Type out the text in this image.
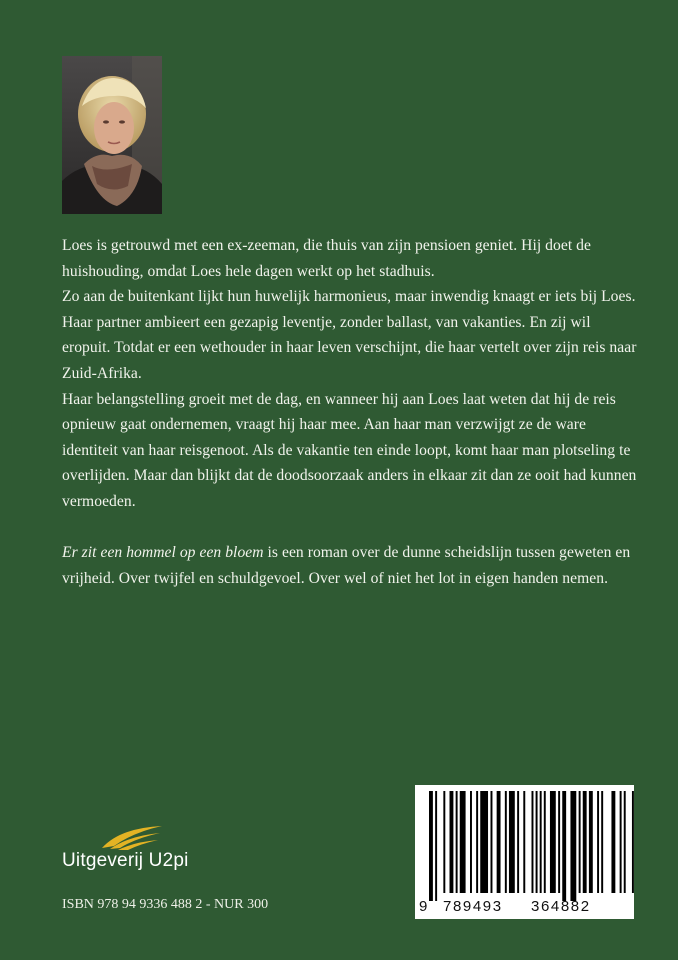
Loes is getrouwd met een ex-zeeman, die thuis van zijn pensioen geniet. Hij doet de huishouding, omdat Loes hele dagen werkt op het stadhuis.

Zo aan de buitenkant lijkt hun huwelijk harmonieus, maar inwendig knaagt er iets bij Loes. Haar partner ambieert een gezapig leventje, zonder ballast, van vakanties. En zij wil eropuit. Totdat er een wethouder in haar leven verschijnt, die haar vertelt over zijn reis naar Zuid-Afrika.

Haar belangstelling groeit met de dag, en wanneer hij aan Loes laat weten dat hij de reis opnieuw gaat ondernemen, vraagt hij haar mee. Aan haar man verzwijgt ze de ware identiteit van haar reisgenoot. Als de vakantie ten einde loopt, komt haar man plotseling te overlijden. Maar dan blijkt dat de doodsoorzaak anders in elkaar zit dan ze ooit had kunnen vermoeden.

Er zit een hommel op een bloem is een roman over de dunne scheidslijn tussen geweten en vrijheid. Over twijfel en schuldgevoel. Over wel of niet het lot in eigen handen nemen.

Uitgeverij U2pi
ISBN 978 94 9336 488 2 - NUR 300	9 789493 364882
